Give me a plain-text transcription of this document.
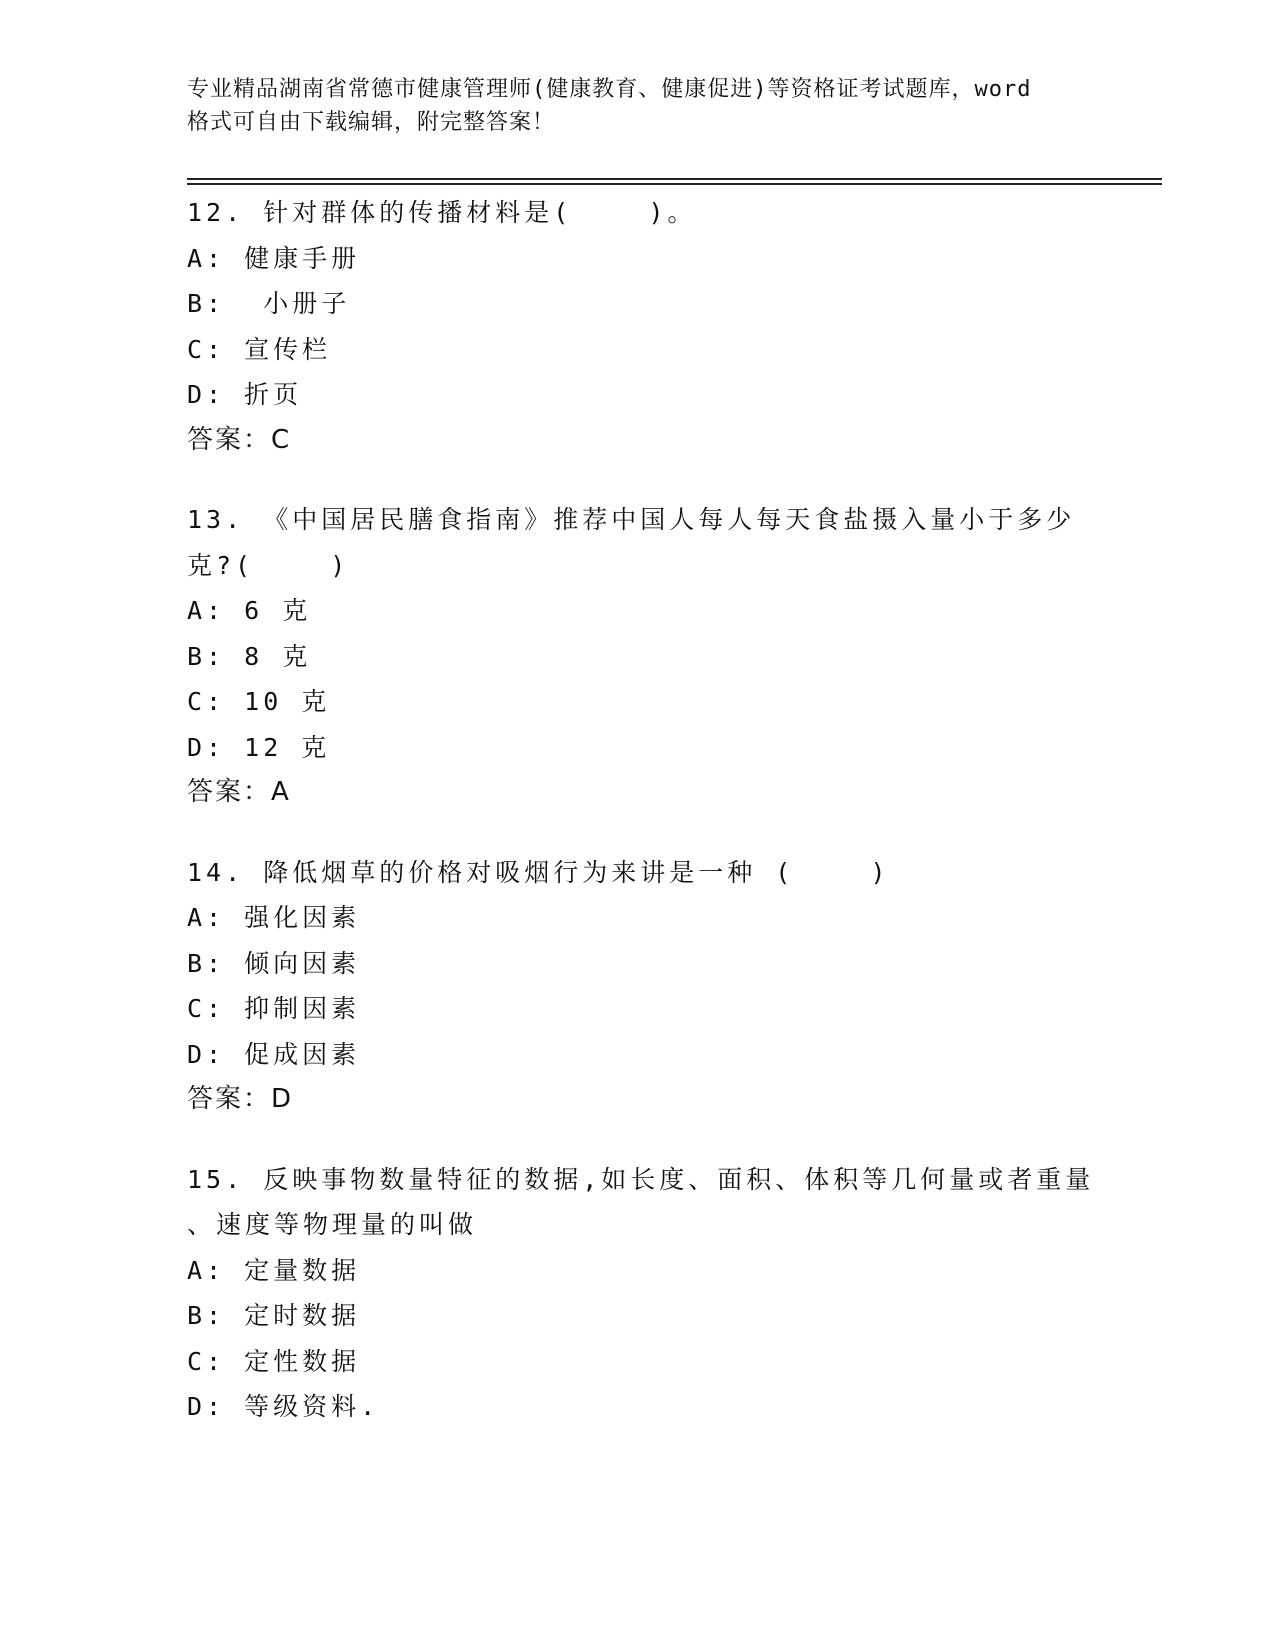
专业精品湖南省常德市健康管理师(健康教育、健康促进)等资格证考试题库，word
格式可自由下载编辑，附完整答案！
12. 针对群体的传播材料是(    )。
A: 健康手册
B:  小册子
C: 宣传栏
D: 折页
答案：C
13. 《中国居民膳食指南》推荐中国人每人每天食盐摄入量小于多少
克?(    )
A: 6 克
B: 8 克
C: 10 克
D: 12 克
答案：A
14. 降低烟草的价格对吸烟行为来讲是一种 (    )
A: 强化因素
B: 倾向因素
C: 抑制因素
D: 促成因素
答案：D
15. 反映事物数量特征的数据,如长度、面积、体积等几何量或者重量
、速度等物理量的叫做
A: 定量数据
B: 定时数据
C: 定性数据
D: 等级资料.
